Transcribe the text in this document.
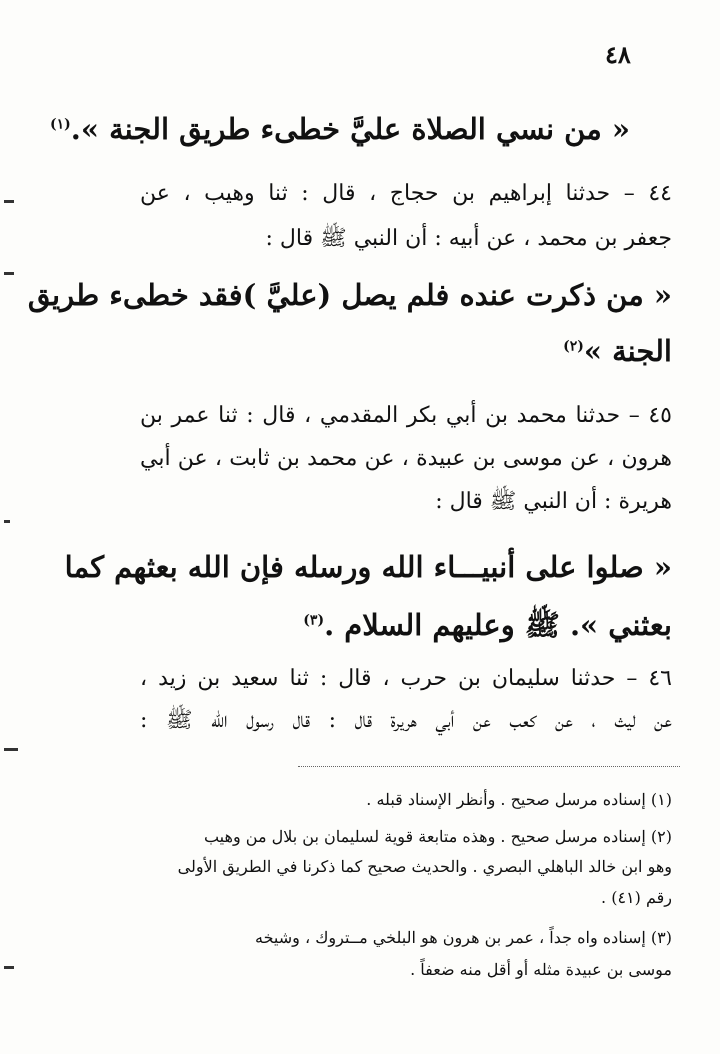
٤٨
« من نسي الصلاة عليَّ خطىء طريق الجنة ».$^{(١)}$
٤٤ – حدثنا إبراهيم بن حجاج ، قال : ثنا وهيب ، عن
جعفر بن محمد ، عن أبيه : أن النبي ﷺ قال :
« من ذكرت عنده فلم يصل (عليَّ )فقد خطىء طريق
الجنة »$^{(٢)}$
٤٥ – حدثنا محمد بن أبي بكر المقدمي ، قال : ثنا عمر بن
هرون ، عن موسى بن عبيدة ، عن محمد بن ثابت ، عن أبي
هريرة : أن النبي ﷺ قال :
« صلوا على أنبيـــاء الله ورسله فإن الله بعثهم كما
بعثني ». ﷺ وعليهم السلام .$^{(٣)}$
٤٦ – حدثنا سليمان بن حرب ، قال : ثنا سعيد بن زيد ،
عن ليث ، عن كعب عن أبي هريرة قال : قال رسول الله ﷺ :
(١) إسناده مرسل صحيح . وأنظر الإسناد قبله .
(٢) إسناده مرسل صحيح . وهذه متابعة قوية لسليمان بن بلال من وهيب
وهو ابن خالد الباهلي البصري . والحديث صحيح كما ذكرنا في الطريق الأولى
رقم (٤١) .
(٣) إسناده واه جداً ، عمر بن هرون هو البلخي مــتروك ، وشيخه
موسى بن عبيدة مثله أو أقل منه ضعفاً .
